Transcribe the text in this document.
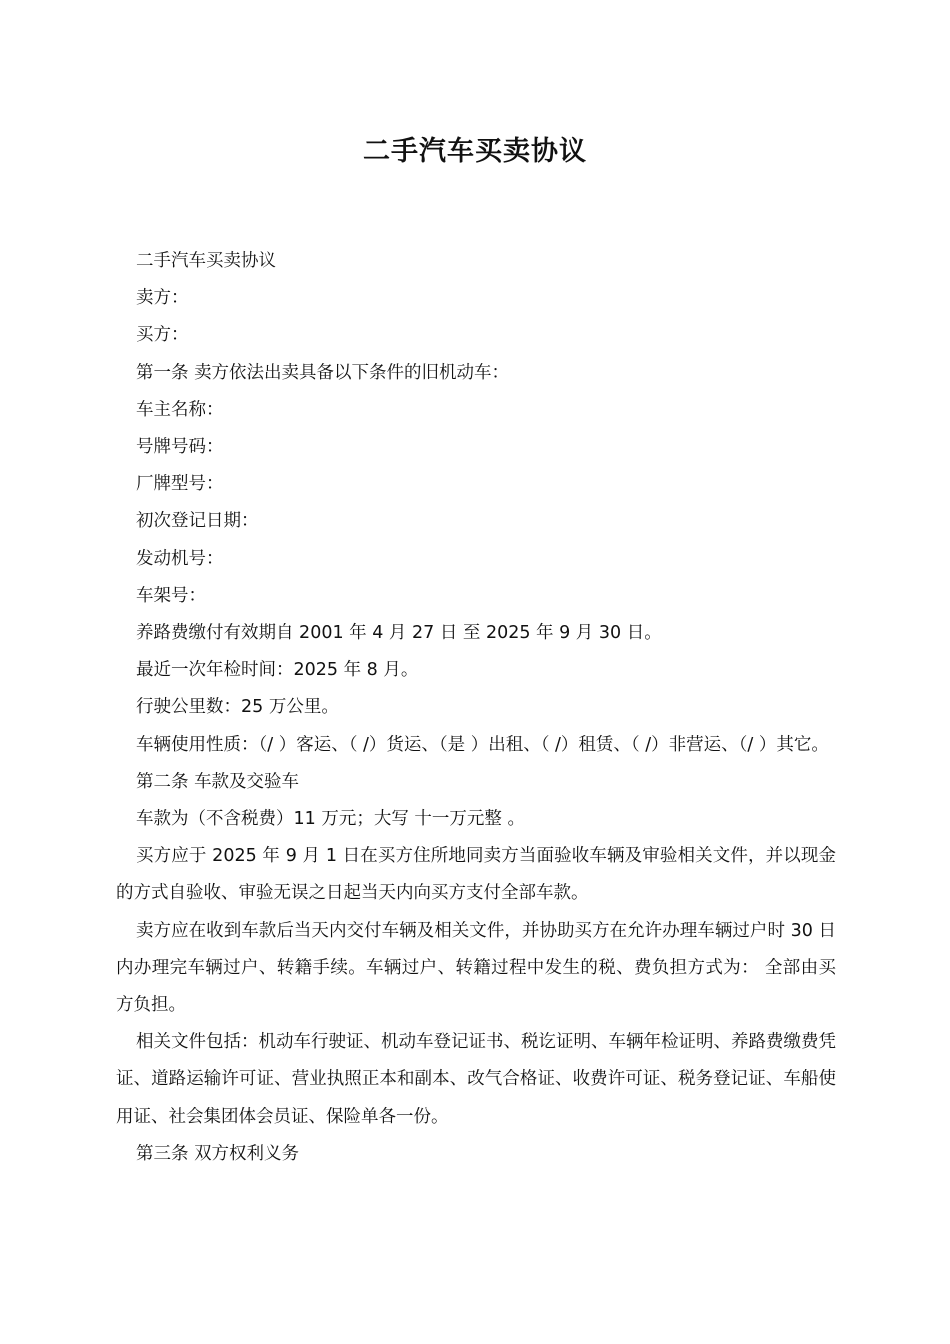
二手汽车买卖协议

二手汽车买卖协议

卖方：

买方：

第一条 卖方依法出卖具备以下条件的旧机动车：

车主名称：

号牌号码：

厂牌型号：

初次登记日期：

发动机号：

车架号：

养路费缴付有效期自 2001 年 4 月 27 日 至 2025 年 9 月 30 日。

最近一次年检时间：2025 年 8 月。

行驶公里数：25 万公里。

车辆使用性质：（/ ）客运、（ /）货运、（是 ）出租、（ /）租赁、（ /）非营运、（/ ）其它。

第二条 车款及交验车

车款为（不含税费）11 万元；大写 十一万元整 。

买方应于 2025 年 9 月 1 日在买方住所地同卖方当面验收车辆及审验相关文件，并以现金的方式自验收、审验无误之日起当天内向买方支付全部车款。

卖方应在收到车款后当天内交付车辆及相关文件，并协助买方在允许办理车辆过户时 30 日内办理完车辆过户、转籍手续。车辆过户、转籍过程中发生的税、费负担方式为： 全部由买方负担。

相关文件包括：机动车行驶证、机动车登记证书、税讫证明、车辆年检证明、养路费缴费凭证、道路运输许可证、营业执照正本和副本、改气合格证、收费许可证、税务登记证、车船使用证、社会集团体会员证、保险单各一份。

第三条 双方权利义务
